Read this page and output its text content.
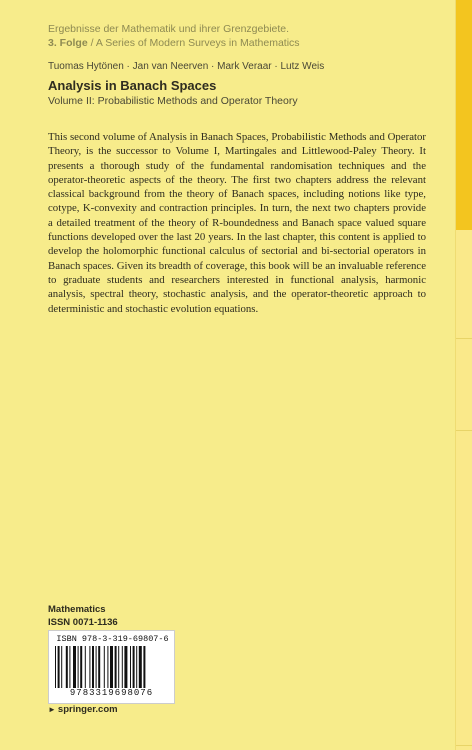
Ergebnisse der Mathematik und ihrer Grenzgebiete.
3. Folge / A Series of Modern Surveys in Mathematics
Tuomas Hytönen · Jan van Neerven · Mark Veraar · Lutz Weis
Analysis in Banach Spaces
Volume II: Probabilistic Methods and Operator Theory
This second volume of Analysis in Banach Spaces, Probabilistic Methods and Operator Theory, is the successor to Volume I, Martingales and Littlewood-Paley Theory. It presents a thorough study of the fundamental randomisation techniques and the operator-theoretic aspects of the theory. The first two chapters address the relevant classical background from the theory of Banach spaces, including notions like type, cotype, K-convexity and contraction principles. In turn, the next two chapters provide a detailed treatment of the theory of R-boundedness and Banach space valued square functions developed over the last 20 years. In the last chapter, this content is applied to develop the holomorphic functional calculus of sectorial and bi-sectorial operators in Banach spaces. Given its breadth of coverage, this book will be an invaluable reference to graduate students and researchers interested in functional analysis, harmonic analysis, spectral theory, stochastic analysis, and the operator-theoretic approach to deterministic and stochastic evolution equations.
Mathematics
ISSN 0071-1136
ISBN 978-3-319-69807-6
9783319698076
► springer.com
